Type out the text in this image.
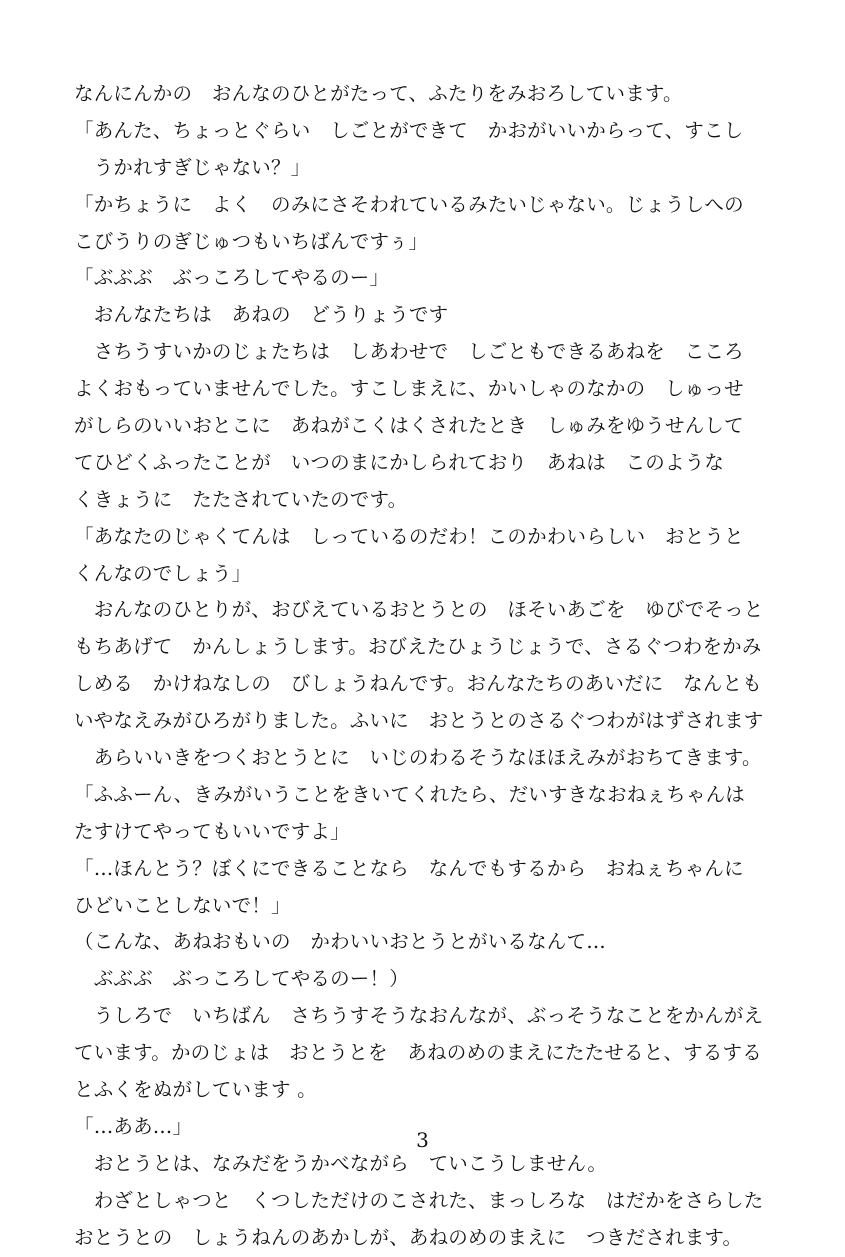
なんにんかの　おんなのひとがたって、ふたりをみおろしています。
「あんた、ちょっとぐらい　しごとができて　かおがいいからって、すこし
　うかれすぎじゃない？」
「かちょうに　よく　のみにさそわれているみたいじゃない。じょうしへの
こびうりのぎじゅつもいちばんですぅ」
「ぶぶぶ　ぶっころしてやるのー」
　おんなたちは　あねの　どうりょうです
　さちうすいかのじょたちは　しあわせで　しごともできるあねを　こころ
よくおもっていませんでした。すこしまえに、かいしゃのなかの　しゅっせ
がしらのいいおとこに　あねがこくはくされたとき　しゅみをゆうせんして
てひどくふったことが　いつのまにかしられており　あねは　このような
くきょうに　たたされていたのです。
「あなたのじゃくてんは　しっているのだわ！このかわいらしい　おとうと
くんなのでしょう」
　おんなのひとりが、おびえているおとうとの　ほそいあごを　ゆびでそっと
もちあげて　かんしょうします。おびえたひょうじょうで、さるぐつわをかみ
しめる　かけねなしの　びしょうねんです。おんなたちのあいだに　なんとも
いやなえみがひろがりました。ふいに　おとうとのさるぐつわがはずされます
　あらいいきをつくおとうとに　いじのわるそうなほほえみがおちてきます。
「ふふーん、きみがいうことをきいてくれたら、だいすきなおねぇちゃんは
たすけてやってもいいですよ」
「…ほんとう？ぼくにできることなら　なんでもするから　おねぇちゃんに
ひどいことしないで！」
（こんな、あねおもいの　かわいいおとうとがいるなんて…
　ぶぶぶ　ぶっころしてやるのー！）
　うしろで　いちばん　さちうすそうなおんなが、ぶっそうなことをかんがえ
ています。かのじょは　おとうとを　あねのめのまえにたたせると、するする
とふくをぬがしています 。
「…ああ…」
　おとうとは、なみだをうかべながら　ていこうしません。
　わざとしゃつと　くつしただけのこされた、まっしろな　はだかをさらした
おとうとの　しょうねんのあかしが、あねのめのまえに　つきだされます。
3
